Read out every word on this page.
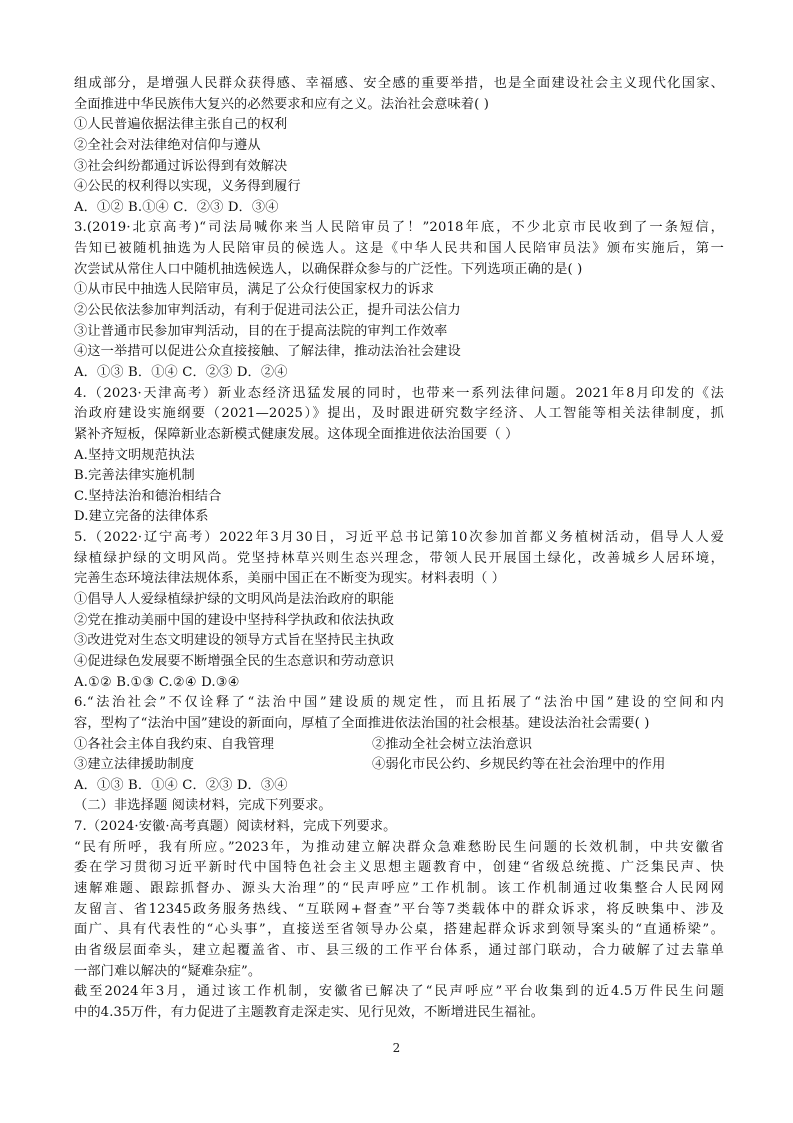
组成部分，是增强人民群众获得感、幸福感、安全感的重要举措，也是全面建设社会主义现代化国家、
全面推进中华民族伟大复兴的必然要求和应有之义。法治社会意味着( )
①人民普遍依据法律主张自己的权利
②全社会对法律绝对信仰与遵从
③社会纠纷都通过诉讼得到有效解决
④公民的权利得以实现，义务得到履行
A．①② B.①④ C．②③ D．③④
3.(2019·北京高考)“司法局喊你来当人民陪审员了！”2018年底，不少北京市民收到了一条短信，
告知已被随机抽选为人民陪审员的候选人。这是《中华人民共和国人民陪审员法》颁布实施后，第一
次尝试从常住人口中随机抽选候选人，以确保群众参与的广泛性。下列选项正确的是( )
①从市民中抽选人民陪审员，满足了公众行使国家权力的诉求
②公民依法参加审判活动，有利于促进司法公正，提升司法公信力
③让普通市民参加审判活动，目的在于提高法院的审判工作效率
④这一举措可以促进公众直接接触、了解法律，推动法治社会建设
A．①③ B．①④ C．②③ D．②④
4.（2023·天津高考）新业态经济迅猛发展的同时，也带来一系列法律问题。2021年8月印发的《法
治政府建设实施纲要（2021—2025）》提出，及时跟进研究数字经济、人工智能等相关法律制度，抓
紧补齐短板，保障新业态新模式健康发展。这体现全面推进依法治国要（ ）
A.坚持文明规范执法
B.完善法律实施机制
C.坚持法治和德治相结合
D.建立完备的法律体系
5.（2022·辽宁高考）2022年3月30日，习近平总书记第10次参加首都义务植树活动，倡导人人爱
绿植绿护绿的文明风尚。党坚持林草兴则生态兴理念，带领人民开展国土绿化，改善城乡人居环境，
完善生态环境法律法规体系，美丽中国正在不断变为现实。材料表明（ ）
①倡导人人爱绿植绿护绿的文明风尚是法治政府的职能
②党在推动美丽中国的建设中坚持科学执政和依法执政
③改进党对生态文明建设的领导方式旨在坚持民主执政
④促进绿色发展要不断增强全民的生态意识和劳动意识
A.①② B.①③ C.②④ D.③④
6.“法治社会”不仅诠释了“法治中国”建设质的规定性，而且拓展了“法治中国”建设的空间和内
容，型构了“法治中国”建设的新面向，厚植了全面推进依法治国的社会根基。建设法治社会需要( )
①各社会主体自我约束、自我管理	②推动全社会树立法治意识
③建立法律援助制度	④弱化市民公约、乡规民约等在社会治理中的作用
A．①③ B．①④ C．②③ D．③④
（二）非选择题 阅读材料，完成下列要求。
7.（2024·安徽·高考真题）阅读材料，完成下列要求。
“民有所呼，我有所应。”2023年，为推动建立解决群众急难愁盼民生问题的长效机制，中共安徽省
委在学习贯彻习近平新时代中国特色社会主义思想主题教育中，创建“省级总统揽、广泛集民声、快
速解难题、跟踪抓督办、源头大治理”的“民声呼应”工作机制。该工作机制通过收集整合人民网网
友留言、省12345政务服务热线、“互联网+督查”平台等7类载体中的群众诉求，将反映集中、涉及
面广、具有代表性的“心头事”，直接送至省领导办公桌，搭建起群众诉求到领导案头的“直通桥梁”。
由省级层面牵头，建立起覆盖省、市、县三级的工作平台体系，通过部门联动，合力破解了过去靠单
一部门难以解决的“疑难杂症”。
截至2024年3月，通过该工作机制，安徽省已解决了“民声呼应”平台收集到的近4.5万件民生问题
中的4.35万件，有力促进了主题教育走深走实、见行见效，不断增进民生福祉。
2
